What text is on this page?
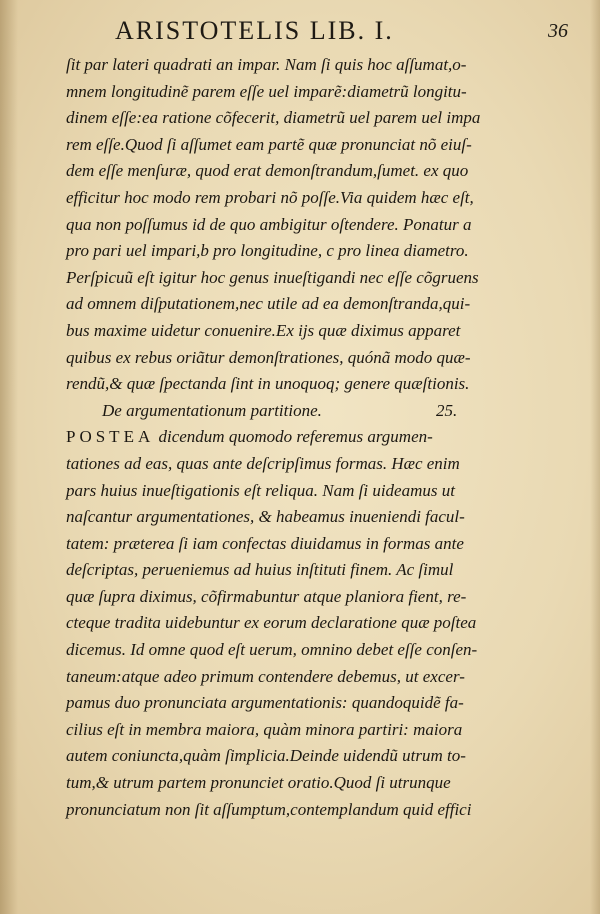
ARISTOTELIS LIB. I.	36
ſit par lateri quadrati an impar. Nam ſi quis hoc aſſumat,o-
mnem longitudinẽ parem eſſe uel imparẽ:diametrũ longitu-
dinem eſſe:ea ratione cõfecerit, diametrũ uel parem uel impa
rem eſſe.Quod ſi aſſumet eam partẽ quæ pronunciat nõ eiuſ-
dem eſſe menſuræ, quod erat demonſtrandum,ſumet. ex quo
efficitur hoc modo rem probari nõ poſſe.Via quidem hæc eſt,
qua non poſſumus id de quo ambigitur oſtendere. Ponatur a
pro pari uel impari,b pro longitudine, c pro linea diametro.
Perſpicuũ eſt igitur hoc genus inueſtigandi nec eſſe cõgruens
ad omnem diſputationem,nec utile ad ea demonſtranda,qui-
bus maxime uidetur conuenire.Ex ijs quæ diximus apparet
quibus ex rebus oriãtur demonſtrationes, quónã modo quæ-
rendũ,& quæ ſpectanda ſint in unoquoq; genere quæſtionis.
De argumentationum partitione.	25.
POSTEA dicendum quomodo referemus argumen-
tationes ad eas, quas ante deſcripſimus formas. Hæc enim
pars huius inueſtigationis eſt reliqua. Nam ſi uideamus ut
naſcantur argumentationes, & habeamus inueniendi facul-
tatem: præterea ſi iam confectas diuidamus in formas ante
deſcriptas, perueniemus ad huius inſtituti finem. Ac ſimul
quæ ſupra diximus, cõfirmabuntur atque planiora fient, re-
cteque tradita uidebuntur ex eorum declaratione quæ poſtea
dicemus. Id omne quod eſt uerum, omnino debet eſſe conſen-
taneum:atque adeo primum contendere debemus, ut excer-
pamus duo pronunciata argumentationis: quandoquidẽ fa-
cilius eſt in membra maiora, quàm minora partiri: maiora
autem coniuncta,quàm ſimplicia.Deinde uidendũ utrum to-
tum,& utrum partem pronunciet oratio.Quod ſi utrunque
pronunciatum non ſit aſſumptum,contemplandum quid effici
